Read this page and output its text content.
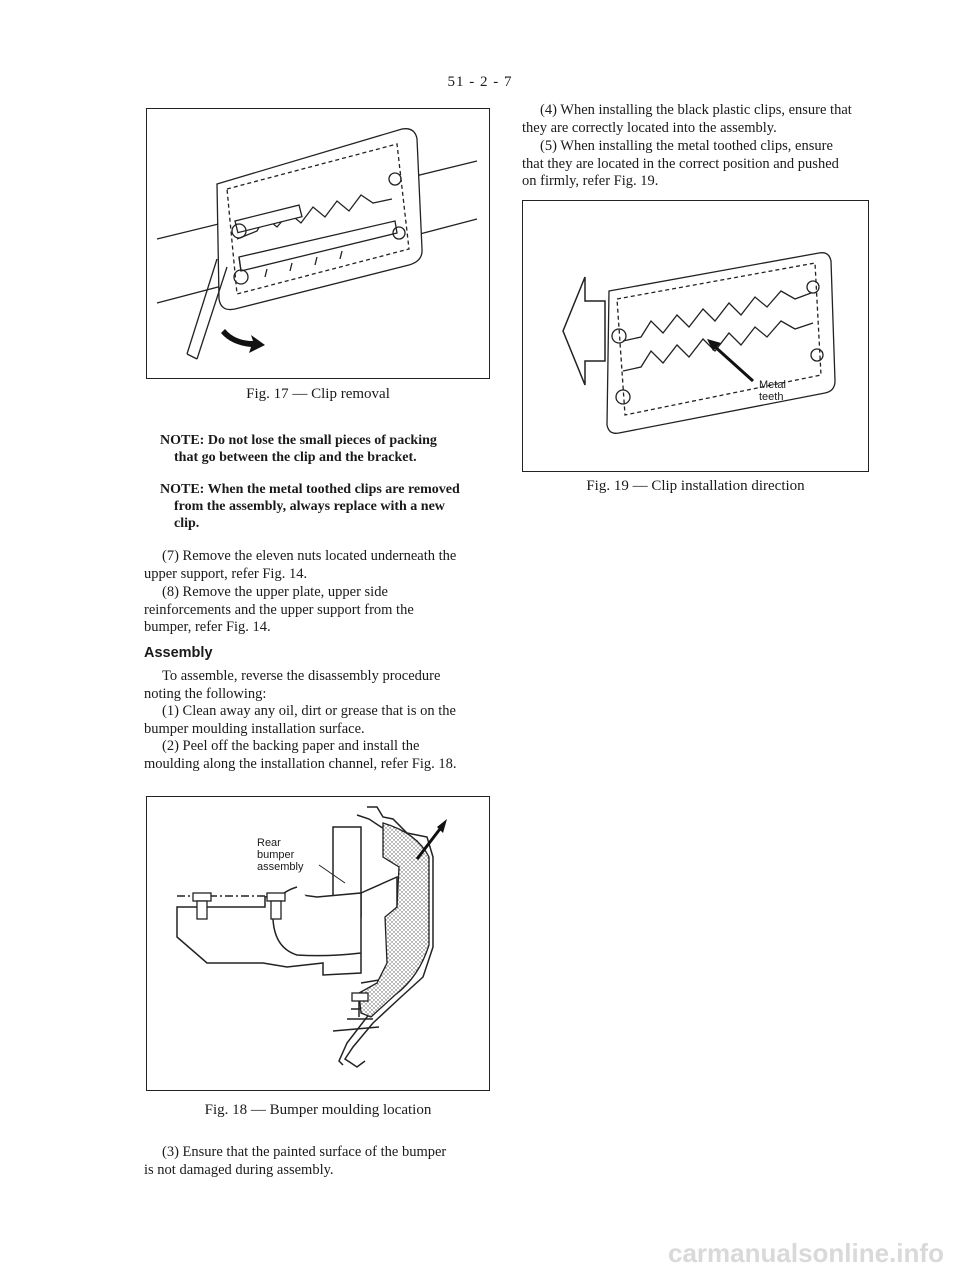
51 - 2 - 7
Fig. 17 — Clip removal
NOTE: Do not lose the small pieces of packing
that go between the clip and the bracket.
NOTE: When the metal toothed clips are removed
from the assembly, always replace with a new
clip.

(7) Remove the eleven nuts located underneath the

upper support, refer Fig. 14.

(8) Remove the upper plate, upper side

reinforcements and the upper support from the

bumper, refer Fig. 14.

Assembly

To assemble, reverse the disassembly procedure

noting the following:

(1) Clean away any oil, dirt or grease that is on the

bumper moulding installation surface.

(2) Peel off the backing paper and install the

moulding along the installation channel, refer Fig. 18.

Rear
bumper
assembly
Fig. 18 — Bumper moulding location

(3) Ensure that the painted surface of the bumper

is not damaged during assembly.

(4) When installing the black plastic clips, ensure that

they are correctly located into the assembly.

(5) When installing the metal toothed clips, ensure

that they are located in the correct position and pushed

on firmly, refer Fig. 19.

Metal
teeth
Fig. 19 — Clip installation direction
carmanualsonline.info
